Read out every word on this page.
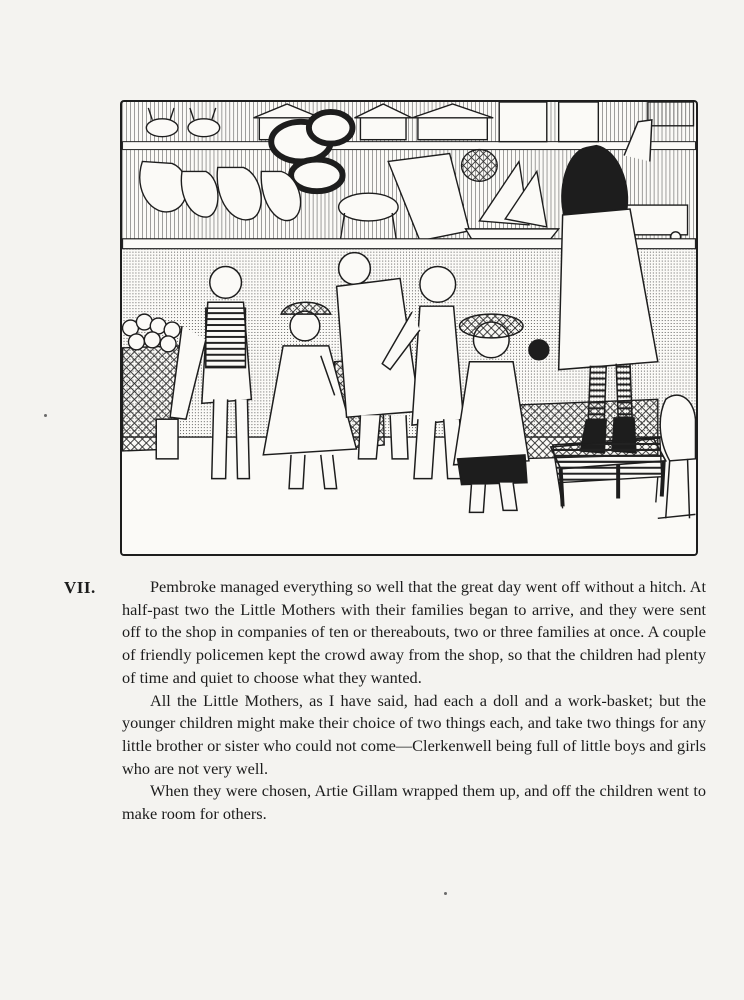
VII.	Pembroke managed everything so well that the great day went off without a hitch. At half-past two the Little Mothers with their families began to arrive, and they were sent off to the shop in companies of ten or thereabouts, two or three families at once. A couple of friendly policemen kept the crowd away from the shop, so that the children had plenty of time and quiet to choose what they wanted.

All the Little Mothers, as I have said, had each a doll and a work-basket; but the younger children might make their choice of two things each, and take two things for any little brother or sister who could not come—Clerkenwell being full of little boys and girls who are not very well.

When they were chosen, Artie Gillam wrapped them up, and off the children went to make room for others.
